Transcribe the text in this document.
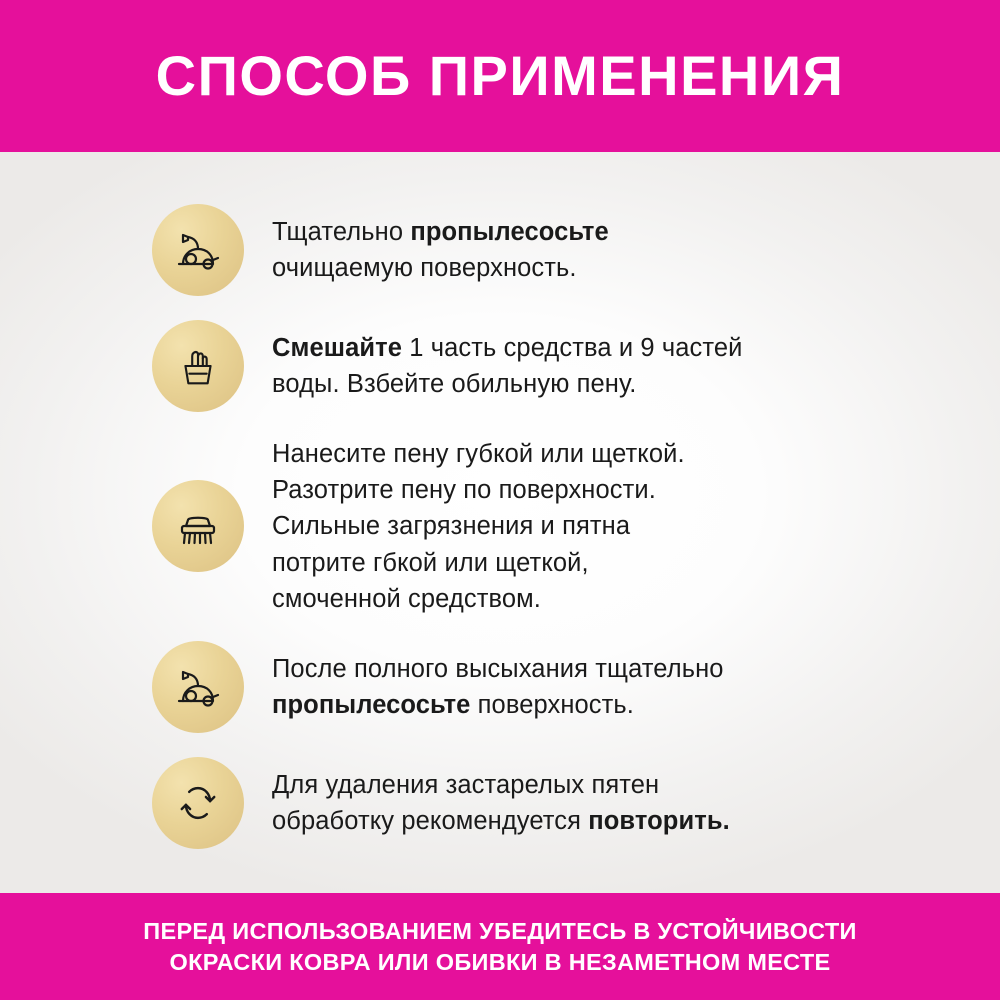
СПОСОБ ПРИМЕНЕНИЯ
Тщательно пропылесосьте
очищаемую поверхность.
Смешайте 1 часть средства и 9 частей
воды. Взбейте обильную пену.
Нанесите пену губкой или щеткой.
Разотрите пену по поверхности.
Сильные загрязнения и пятна
потрите гбкой или щеткой,
смоченной средством.
После полного высыхания тщательно
пропылесосьте поверхность.
Для удаления застарелых пятен
обработку рекомендуется повторить.
ПЕРЕД ИСПОЛЬЗОВАНИЕМ УБЕДИТЕСЬ В УСТОЙЧИВОСТИ
ОКРАСКИ КОВРА ИЛИ ОБИВКИ В НЕЗАМЕТНОМ МЕСТЕ
